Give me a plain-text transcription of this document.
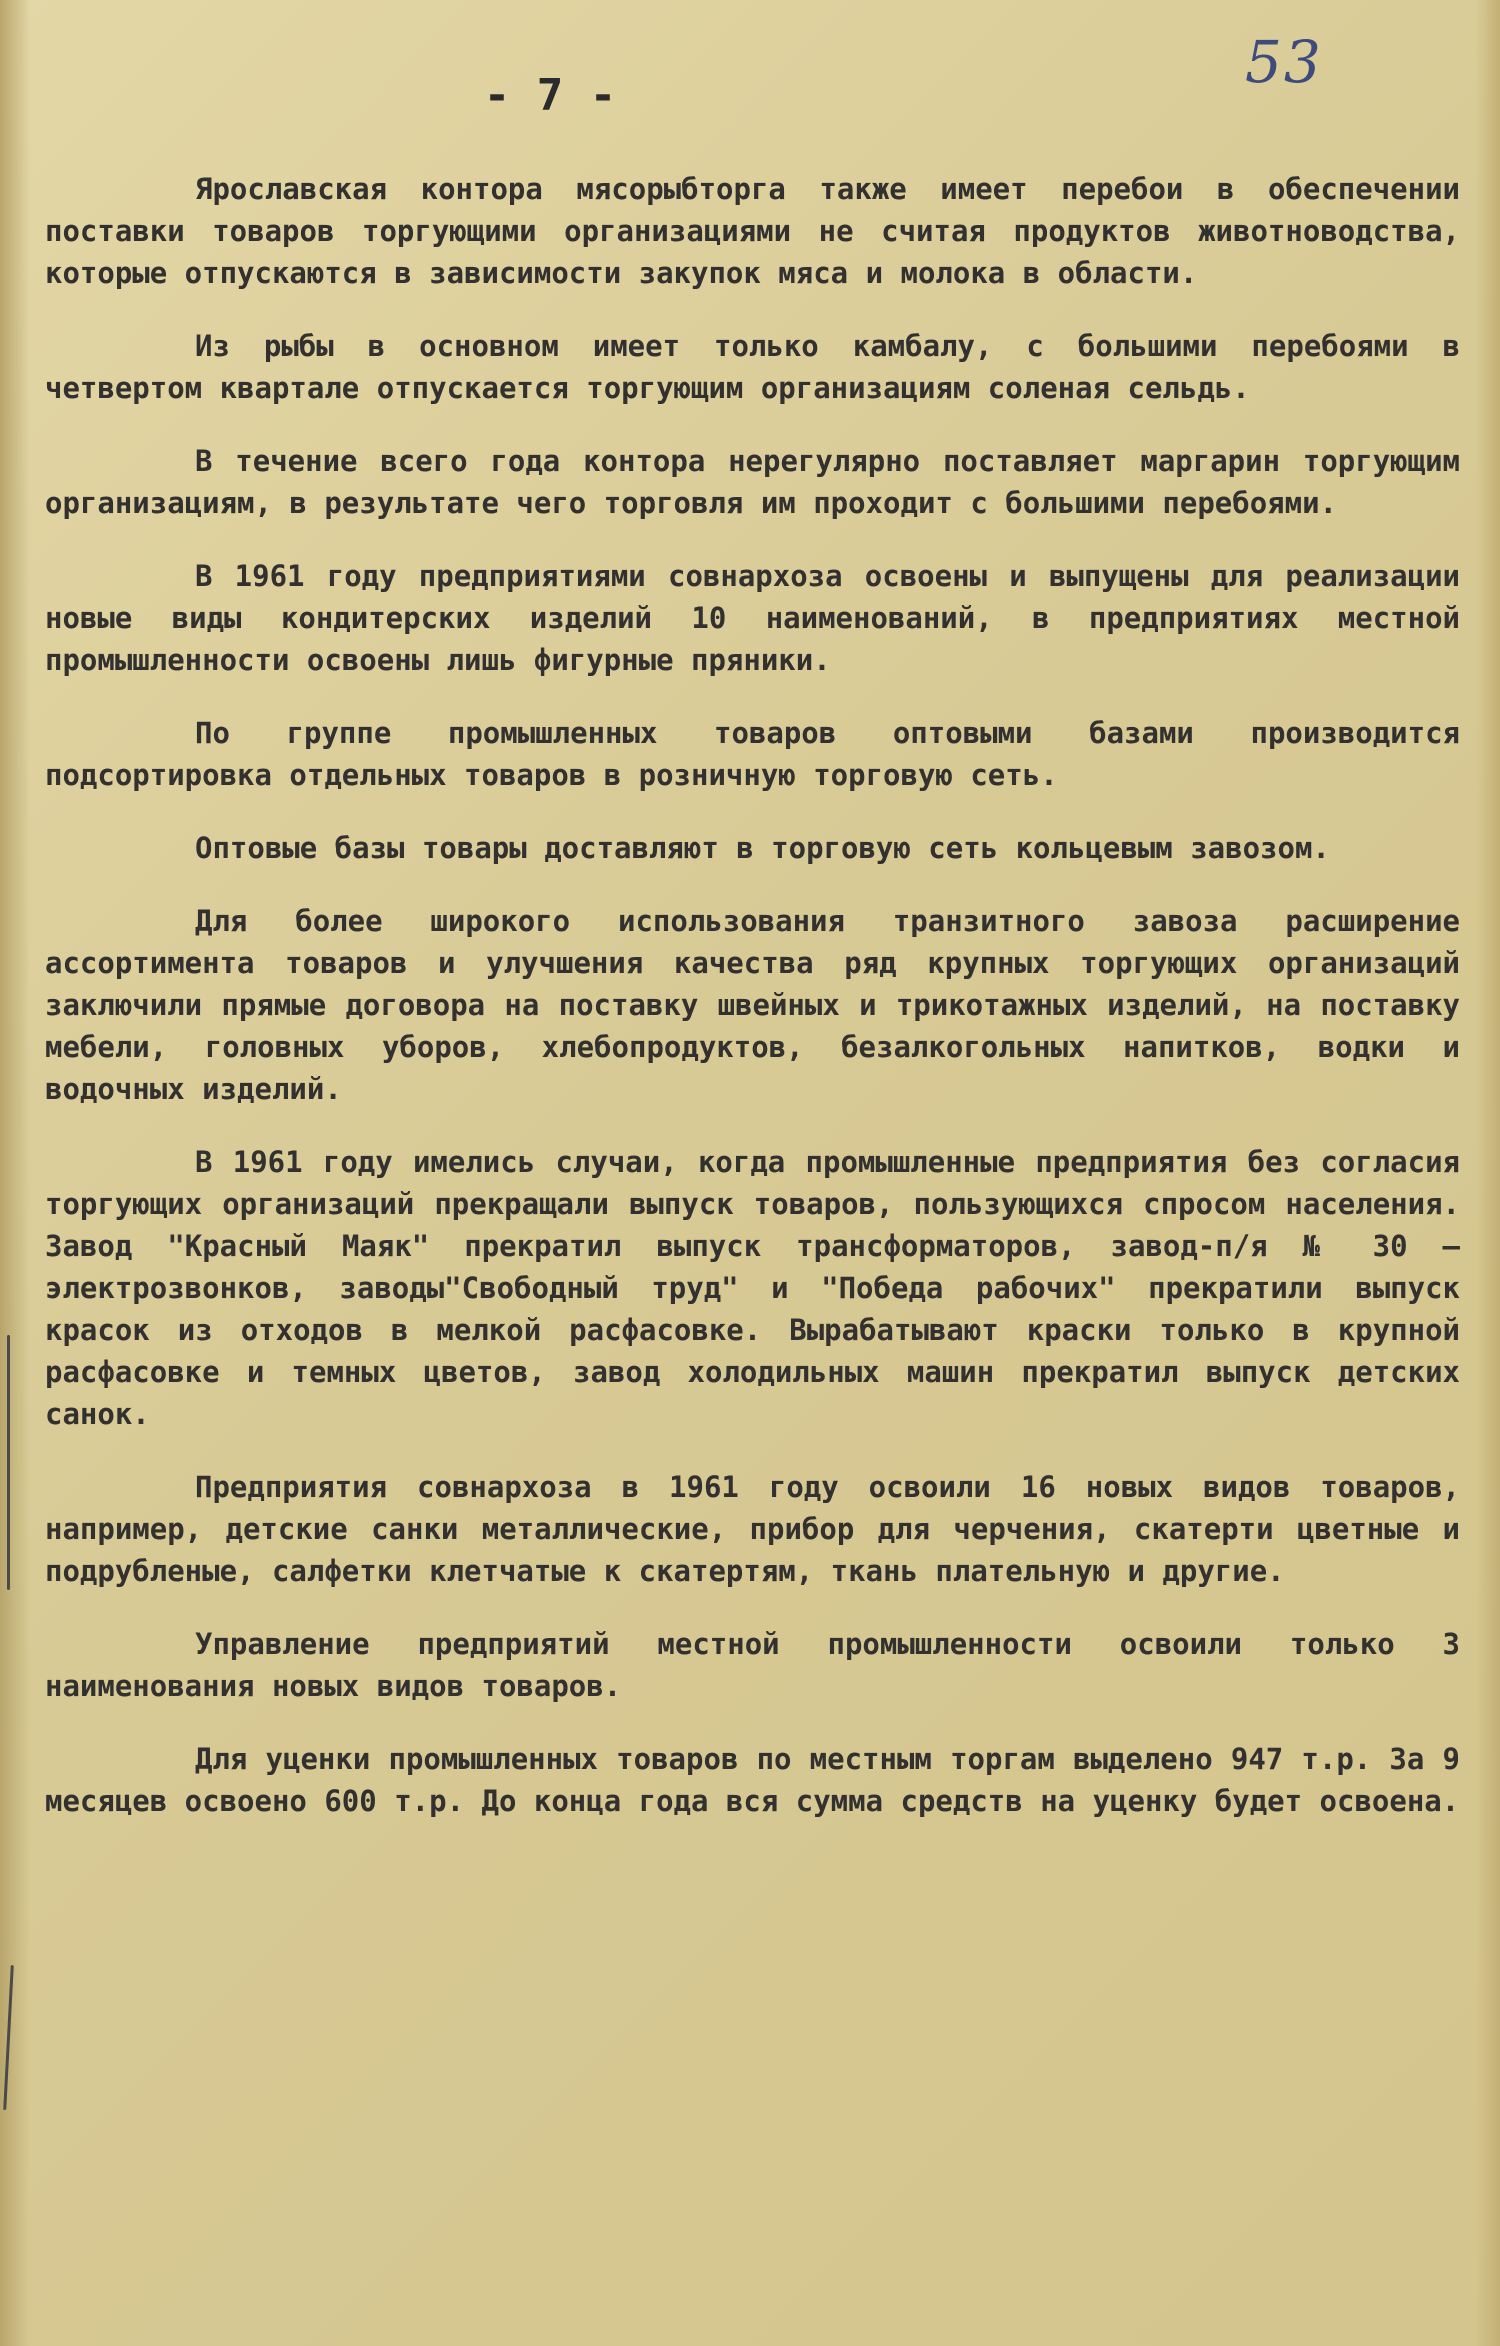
- 7 -	53

Ярославская контора мясорыбторга также имеет перебои в обеспечении поставки товаров торгующими организациями не считая продуктов животноводства, которые отпускаются в зависимости закупок мяса и молока в области.

Из рыбы в основном имеет только камбалу, с большими перебоями в четвертом квартале отпускается торгующим организациям соленая сельдь.

В течение всего года контора нерегулярно поставляет маргарин торгующим организациям, в результате чего торговля им проходит с большими перебоями.

В 1961 году предприятиями совнархоза освоены и выпущены для реализации новые виды кондитерских изделий 10 наименований, в предприятиях местной промышленности освоены лишь фигурные пряники.

По группе промышленных товаров оптовыми базами производится подсортировка отдельных товаров в розничную торговую сеть.

Оптовые базы товары доставляют в торговую сеть кольцевым завозом.

Для более широкого использования транзитного завоза расширение ассортимента товаров и улучшения качества ряд крупных торгующих организаций заключили прямые договора на поставку швейных и трикотажных изделий, на поставку мебели, головных уборов, хлебопродуктов, безалкогольных напитков, водки и водочных изделий.

В 1961 году имелись случаи, когда промышленные предприятия без согласия торгующих организаций прекращали выпуск товаров, пользующихся спросом населения. Завод "Красный Маяк" прекратил выпуск трансформаторов, завод-п/я № 30 – электрозвонков, заводы"Свободный труд" и "Победа рабочих" прекратили выпуск красок из отходов в мелкой расфасовке. Вырабатывают краски только в крупной расфасовке и темных цветов, завод холодильных машин прекратил выпуск детских санок.

Предприятия совнархоза в 1961 году освоили 16 новых видов товаров, например, детские санки металлические, прибор для черчения, скатерти цветные и подрубленые, салфетки клетчатые к скатертям, ткань плательную и другие.

Управление предприятий местной промышленности освоили только 3 наименования новых видов товаров.

Для уценки промышленных товаров по местным торгам выделено 947 т.р. За 9 месяцев освоено 600 т.р. До конца года вся сумма средств на уценку будет освоена.
